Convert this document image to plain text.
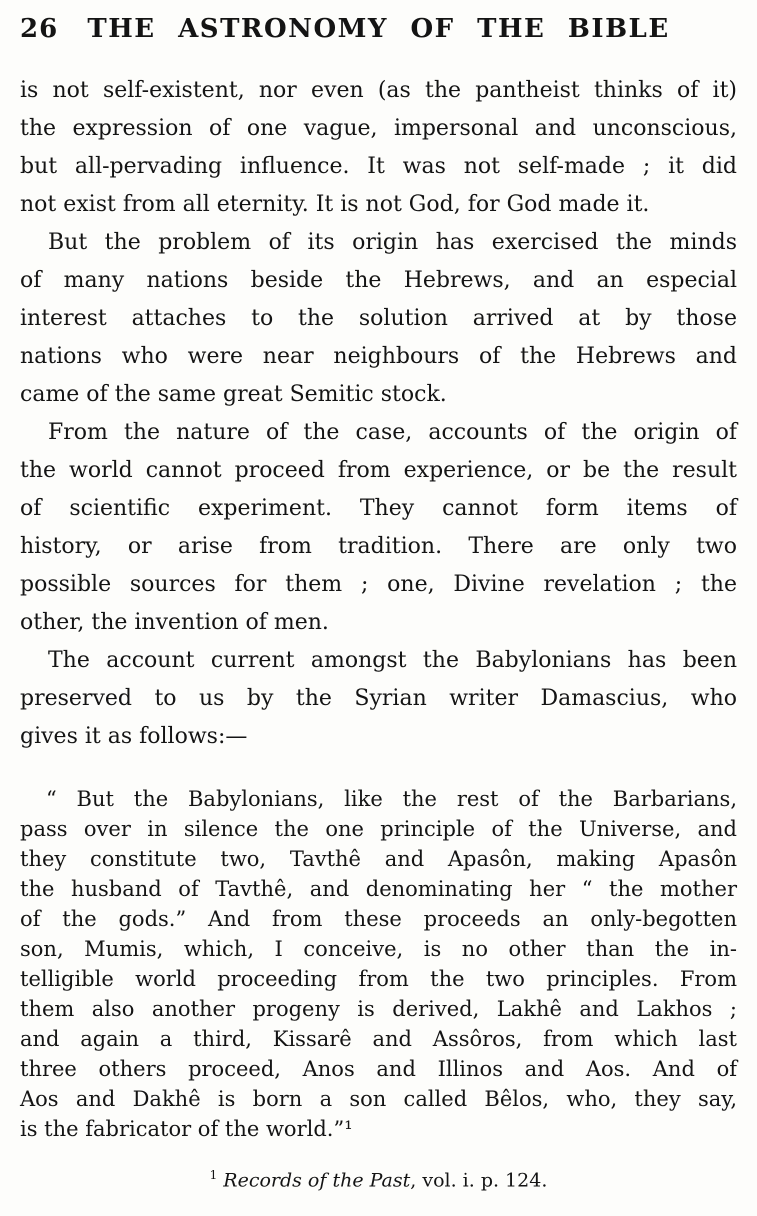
26	THE ASTRONOMY OF THE BIBLE
is not self-existent, nor even (as the pantheist thinks of it)
the expression of one vague, impersonal and unconscious,
but all-pervading influence. It was not self-made ; it did
not exist from all eternity. It is not God, for God made it.
But the problem of its origin has exercised the minds
of many nations beside the Hebrews, and an especial
interest attaches to the solution arrived at by those
nations who were near neighbours of the Hebrews and
came of the same great Semitic stock.
From the nature of the case, accounts of the origin of
the world cannot proceed from experience, or be the result
of scientific experiment. They cannot form items of
history, or arise from tradition. There are only two
possible sources for them ; one, Divine revelation ; the
other, the invention of men.
The account current amongst the Babylonians has been
preserved to us by the Syrian writer Damascius, who
gives it as follows:—
“ But the Babylonians, like the rest of the Barbarians,
pass over in silence the one principle of the Universe, and
they constitute two, Tavthê and Apasôn, making Apasôn
the husband of Tavthê, and denominating her “ the mother
of the gods.” And from these proceeds an only-begotten
son, Mumis, which, I conceive, is no other than the in-
telligible world proceeding from the two principles. From
them also another progeny is derived, Lakhê and Lakhos ;
and again a third, Kissarê and Assôros, from which last
three others proceed, Anos and Illinos and Aos. And of
Aos and Dakhê is born a son called Bêlos, who, they say,
is the fabricator of the world.”¹
$^1$ Records of the Past, vol. i. p. 124.
